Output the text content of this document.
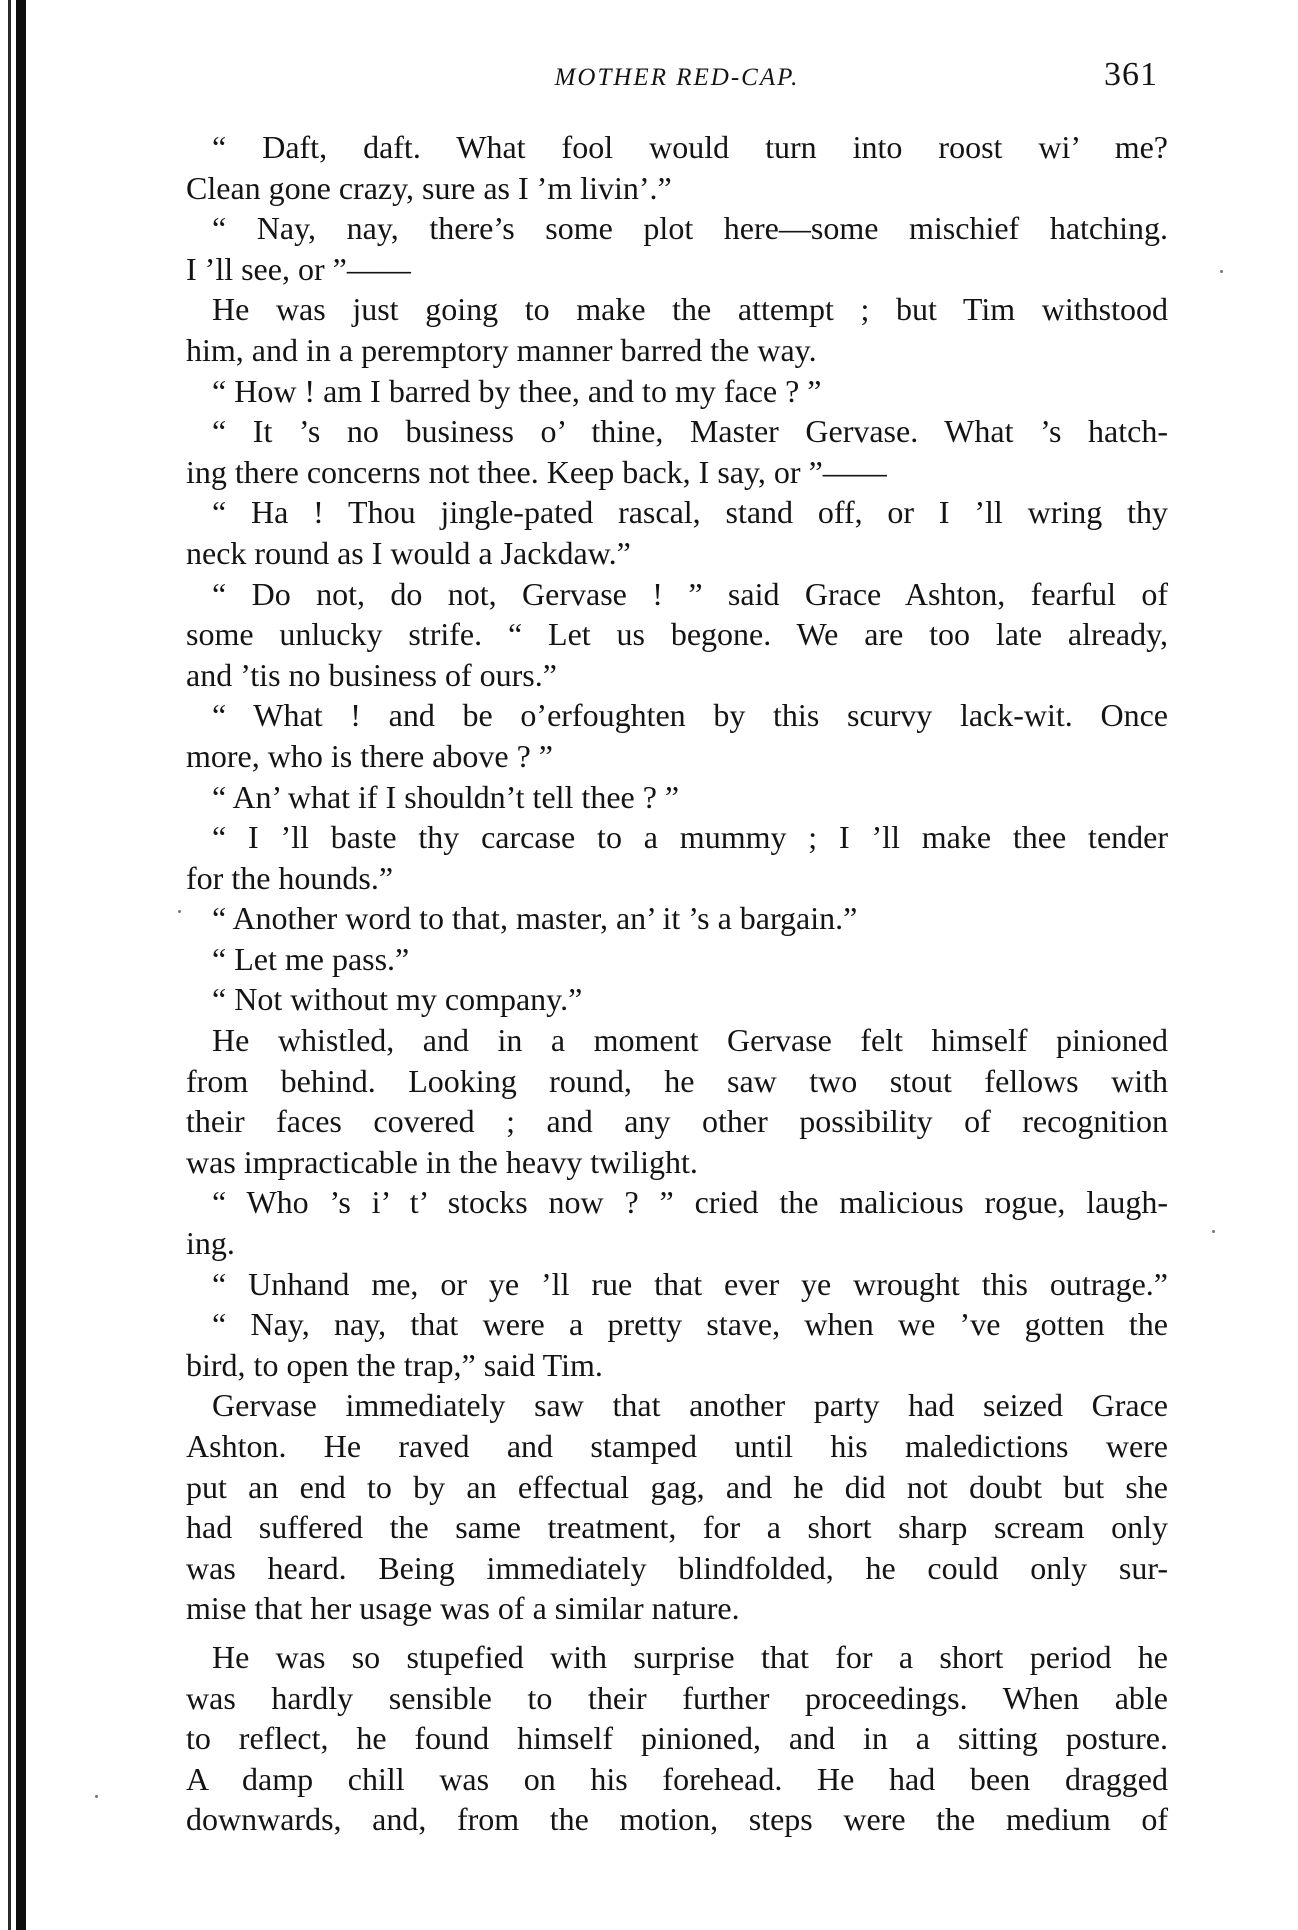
MOTHER RED-CAP.	361
“ Daft, daft. What fool would turn into roost wi’ me?
Clean gone crazy, sure as I ’m livin’.”
“ Nay, nay, there’s some plot here—some mischief hatching.
I ’ll see, or ”——
He was just going to make the attempt ; but Tim withstood
him, and in a peremptory manner barred the way.
“ How ! am I barred by thee, and to my face ? ”
“ It ’s no business o’ thine, Master Gervase. What ’s hatch-
ing there concerns not thee. Keep back, I say, or ”——
“ Ha ! Thou jingle-pated rascal, stand off, or I ’ll wring thy
neck round as I would a Jackdaw.”
“ Do not, do not, Gervase ! ” said Grace Ashton, fearful of
some unlucky strife. “ Let us begone. We are too late already,
and ’tis no business of ours.”
“ What ! and be o’erfoughten by this scurvy lack-wit. Once
more, who is there above ? ”
“ An’ what if I shouldn’t tell thee ? ”
“ I ’ll baste thy carcase to a mummy ; I ’ll make thee tender
for the hounds.”
“ Another word to that, master, an’ it ’s a bargain.”
“ Let me pass.”
“ Not without my company.”
He whistled, and in a moment Gervase felt himself pinioned
from behind. Looking round, he saw two stout fellows with
their faces covered ; and any other possibility of recognition
was impracticable in the heavy twilight.
“ Who ’s i’ t’ stocks now ? ” cried the malicious rogue, laugh-
ing.
“ Unhand me, or ye ’ll rue that ever ye wrought this outrage.”
“ Nay, nay, that were a pretty stave, when we ’ve gotten the
bird, to open the trap,” said Tim.
Gervase immediately saw that another party had seized Grace
Ashton. He raved and stamped until his maledictions were
put an end to by an effectual gag, and he did not doubt but she
had suffered the same treatment, for a short sharp scream only
was heard. Being immediately blindfolded, he could only sur-
mise that her usage was of a similar nature.
He was so stupefied with surprise that for a short period he
was hardly sensible to their further proceedings. When able
to reflect, he found himself pinioned, and in a sitting posture.
A damp chill was on his forehead. He had been dragged
downwards, and, from the motion, steps were the medium of
